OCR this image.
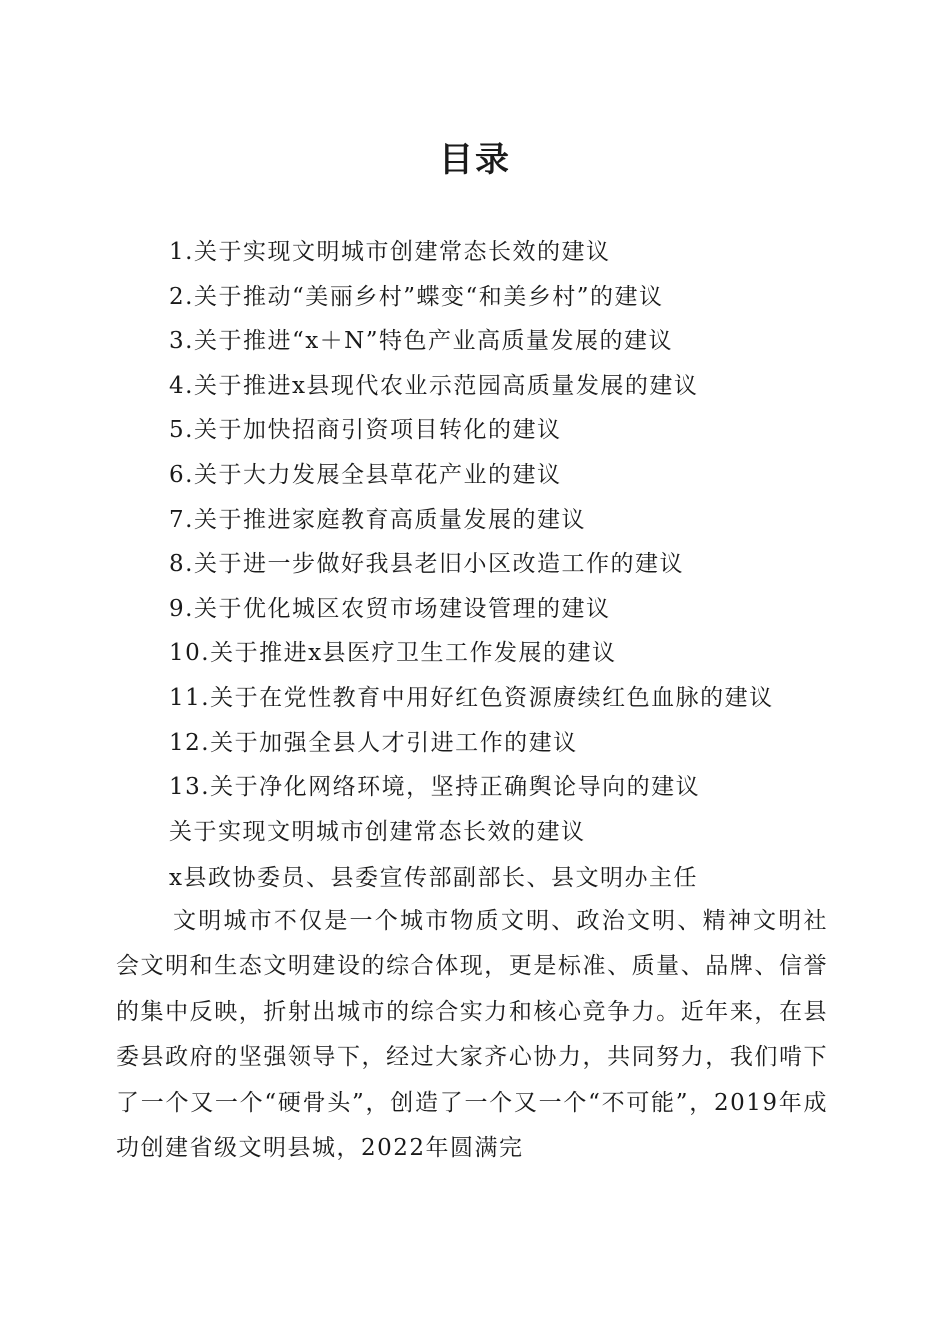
目录
1.关于实现文明城市创建常态长效的建议
2.关于推动“美丽乡村”蝶变“和美乡村”的建议
3.关于推进“x＋N”特色产业高质量发展的建议
4.关于推进x县现代农业示范园高质量发展的建议
5.关于加快招商引资项目转化的建议
6.关于大力发展全县草花产业的建议
7.关于推进家庭教育高质量发展的建议
8.关于进一步做好我县老旧小区改造工作的建议
9.关于优化城区农贸市场建设管理的建议
10.关于推进x县医疗卫生工作发展的建议
11.关于在党性教育中用好红色资源赓续红色血脉的建议
12.关于加强全县人才引进工作的建议
13.关于净化网络环境，坚持正确舆论导向的建议

关于实现文明城市创建常态长效的建议

x县政协委员、县委宣传部副部长、县文明办主任

文明城市不仅是一个城市物质文明、政治文明、精神文明社会文明和生态文明建设的综合体现，更是标准、质量、品牌、信誉的集中反映，折射出城市的综合实力和核心竞争力。近年来，在县委县政府的坚强领导下，经过大家齐心协力，共同努力，我们啃下了一个又一个“硬骨头”，创造了一个又一个“不可能”，2019年成功创建省级文明县城，2022年圆满完
